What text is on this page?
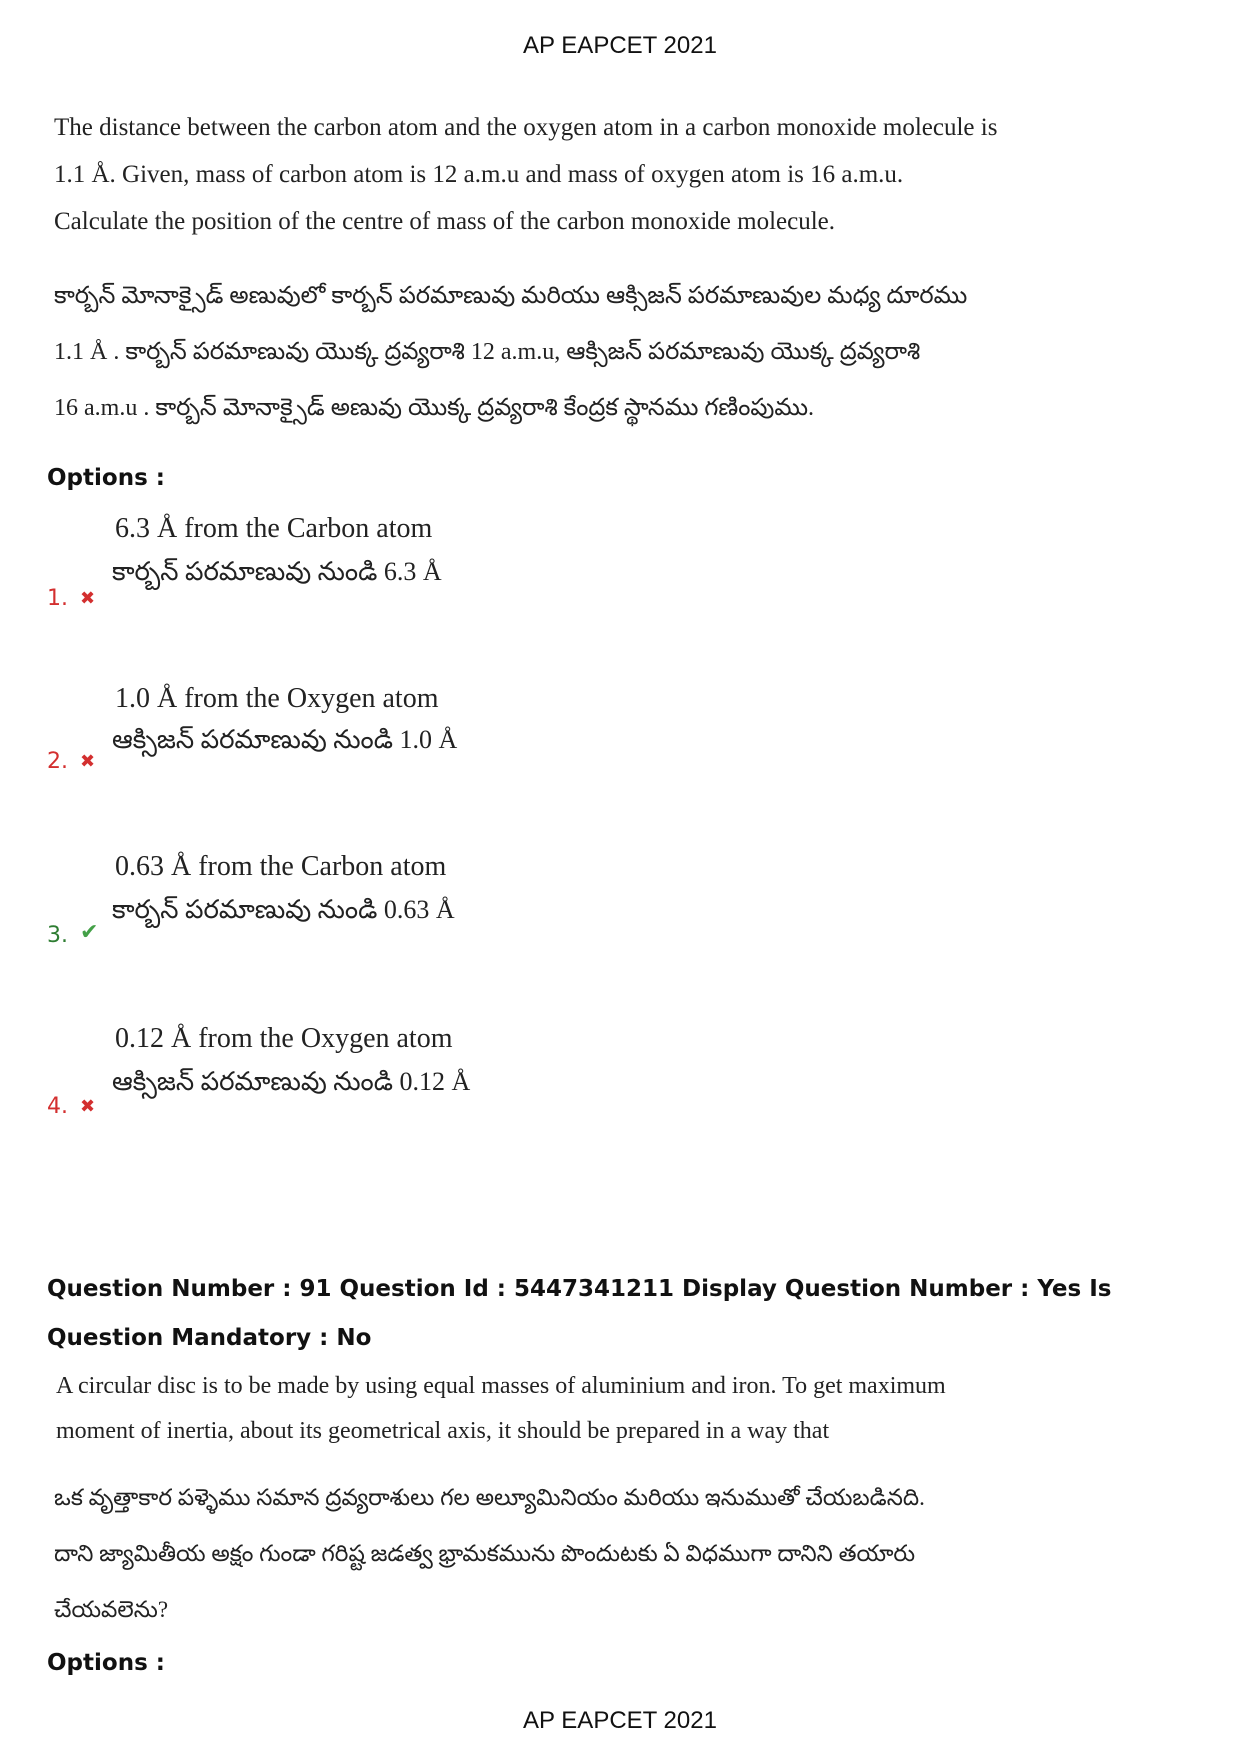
AP EAPCET 2021
The distance between the carbon atom and the oxygen atom in a carbon monoxide molecule is
1.1 Å. Given, mass of carbon atom is 12 a.m.u and mass of oxygen atom is 16 a.m.u.
Calculate the position of the centre of mass of the carbon monoxide molecule.
కార్బన్ మోనాక్సైడ్ అణువులో కార్బన్ పరమాణువు మరియు ఆక్సిజన్ పరమాణువుల మధ్య దూరము
1.1 Å . కార్బన్ పరమాణువు యొక్క ద్రవ్యరాశి 12 a.m.u, ఆక్సిజన్ పరమాణువు యొక్క ద్రవ్యరాశి
16 a.m.u . కార్బన్ మోనాక్సైడ్ అణువు యొక్క ద్రవ్యరాశి కేంద్రక స్థానము గణింపుము.
Options :
6.3 Å from the Carbon atom
కార్బన్ పరమాణువు నుండి 6.3 Å
1. ✖
1.0 Å from the Oxygen atom
ఆక్సిజన్ పరమాణువు నుండి 1.0 Å
2. ✖
0.63 Å from the Carbon atom
కార్బన్ పరమాణువు నుండి 0.63 Å
3. ✔
0.12 Å from the Oxygen atom
ఆక్సిజన్ పరమాణువు నుండి 0.12 Å
4. ✖
Question Number : 91 Question Id : 5447341211 Display Question Number : Yes Is Question Mandatory : No
A circular disc is to be made by using equal masses of aluminium and iron. To get maximum
moment of inertia, about its geometrical axis, it should be prepared in a way that
ఒక వృత్తాకార పళ్ళెము సమాన ద్రవ్యరాశులు గల అల్యూమినియం మరియు ఇనుముతో చేయబడినది.
దాని జ్యామితీయ అక్షం గుండా గరిష్ట జడత్వ భ్రామకమును పొందుటకు ఏ విధముగా దానిని తయారు
చేయవలెను?
Options :
AP EAPCET 2021
